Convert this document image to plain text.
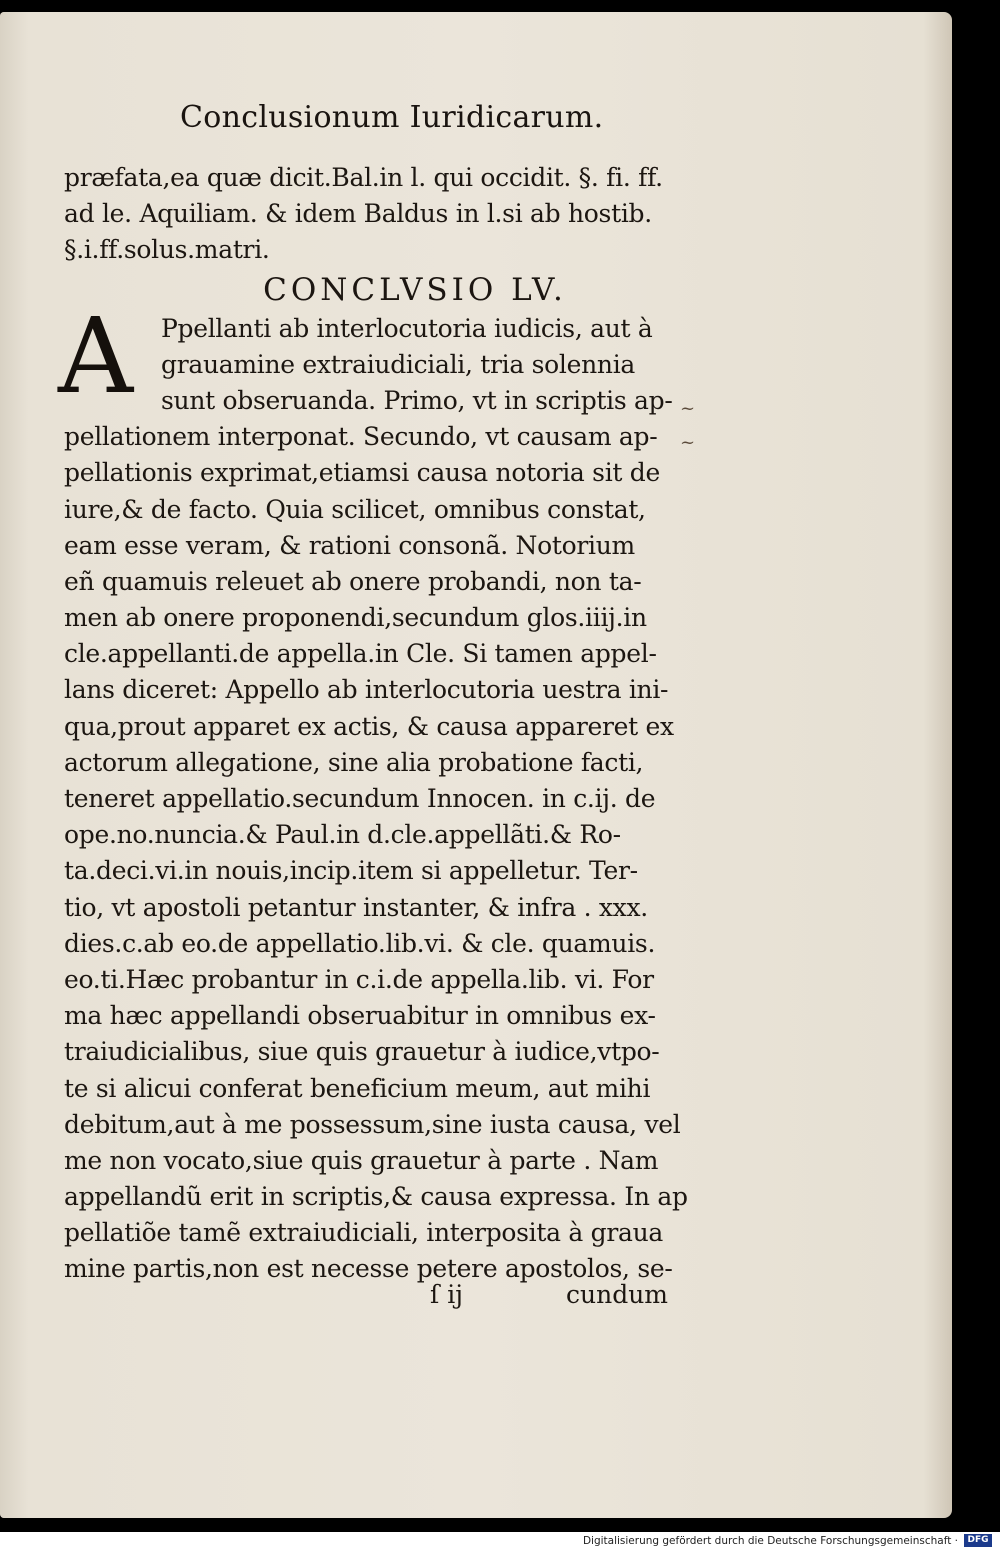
Conclusionum Iuridicarum.
præfata,ea quæ dicit.Bal.in l. qui occidit. §. fi. ff.
ad le. Aquiliam. & idem Baldus in l.si ab hostib.
§.i.ff.solus.matri.
CONCLVSIO LV.
A	Ppellanti ab interlocutoria iudicis, aut à
grauamine extraiudiciali, tria solennia
sunt obseruanda. Primo, vt in scriptis ap-
pellationem interponat. Secundo, vt causam ap-
pellationis exprimat,etiamsi causa notoria sit de
iure,& de facto. Quia scilicet, omnibus constat,
eam esse veram, & rationi consonã. Notorium
eñ quamuis releuet ab onere probandi, non ta-
men ab onere proponendi,secundum glos.iiij.in
cle.appellanti.de appella.in Cle. Si tamen appel-
lans diceret: Appello ab interlocutoria uestra ini-
qua,prout apparet ex actis, & causa appareret ex
actorum allegatione, sine alia probatione facti,
teneret appellatio.secundum Innocen. in c.ij. de
ope.no.nuncia.& Paul.in d.cle.appellãti.& Ro-
ta.deci.vi.in nouis,incip.item si appelletur. Ter-
tio, vt apostoli petantur instanter, & infra . xxx.
dies.c.ab eo.de appellatio.lib.vi. & cle. quamuis.
eo.ti.Hæc probantur in c.i.de appella.lib. vi. For
ma hæc appellandi obseruabitur in omnibus ex-
traiudicialibus, siue quis grauetur à iudice,vtpo-
te si alicui conferat beneficium meum, aut mihi
debitum,aut à me possessum,sine iusta causa, vel
me non vocato,siue quis grauetur à parte . Nam
appellandũ erit in scriptis,& causa expressa. In ap
pellatiõe tamẽ extraiudiciali, interposita à graua
mine partis,non est necesse petere apostolos, se-
~
~
ſ ij	cundum
Digitalisierung gefördert durch die Deutsche Forschungsgemeinschaft ·	DFG
